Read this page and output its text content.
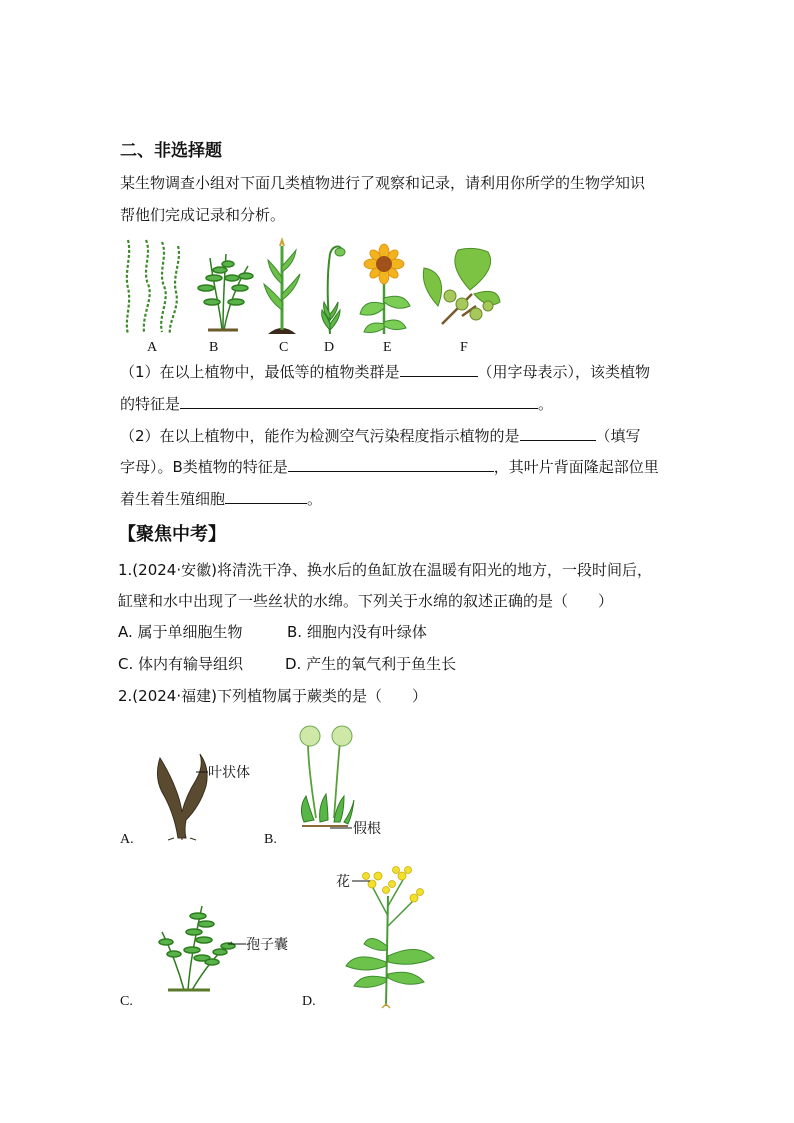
二、非选择题
某生物调查小组对下面几类植物进行了观察和记录，请利用你所学的生物学知识
帮他们完成记录和分析。
A	B	C	D	E	F
（1）在以上植物中，最低等的植物类群是	（用字母表示），该类植物
的特征是	。
（2）在以上植物中，能作为检测空气污染程度指示植物的是	（填写
字母）。B类植物的特征是	，其叶片背面隆起部位里
着生着生殖细胞	。
【聚焦中考】
1.(2024·安徽)将清洗干净、换水后的鱼缸放在温暖有阳光的地方，一段时间后，
缸壁和水中出现了一些丝状的水绵。下列关于水绵的叙述正确的是（　　）
A. 属于单细胞生物	B. 细胞内没有叶绿体
C. 体内有输导组织	D. 产生的氧气利于鱼生长
2.(2024·福建)下列植物属于蕨类的是（　　）
叶状体
A.
假根
B.
孢子囊
C.
花
D.
